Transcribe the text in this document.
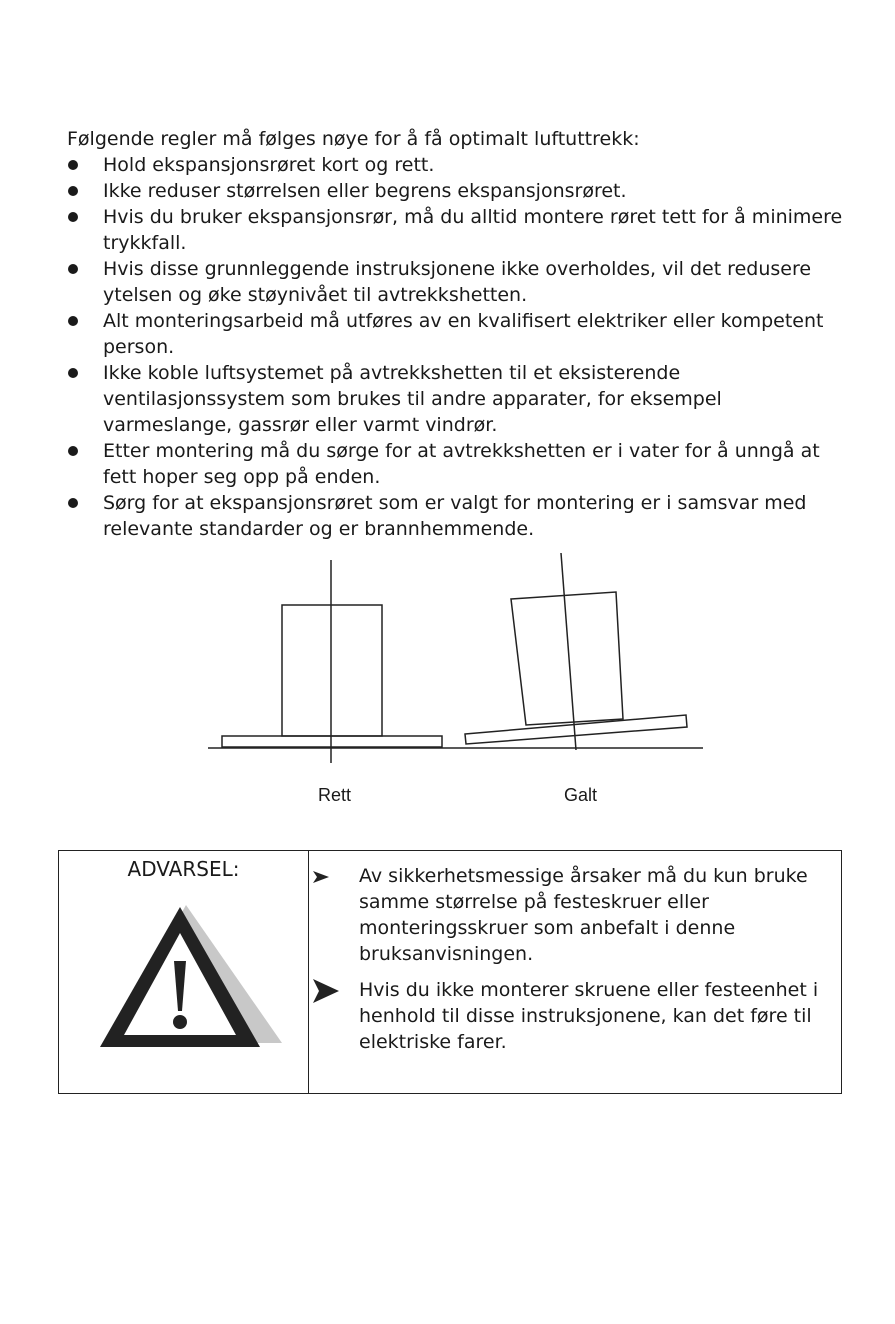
Følgende regler må følges nøye for å få optimalt luftuttrekk:

Hold ekspansjonsrøret kort og rett.
Ikke reduser størrelsen eller begrens ekspansjonsrøret.
Hvis du bruker ekspansjonsrør, må du alltid montere røret tett for å minimere trykkfall.
Hvis disse grunnleggende instruksjonene ikke overholdes, vil det redusere ytelsen og øke støynivået til avtrekkshetten.
Alt monteringsarbeid må utføres av en kvalifisert elektriker eller kompetent person.
Ikke koble luftsystemet på avtrekkshetten til et eksisterende ventilasjonssystem som brukes til andre apparater, for eksempel varmeslange, gassrør eller varmt vindrør.
Etter montering må du sørge for at avtrekkshetten er i vater for å unngå at fett hoper seg opp på enden.
Sørg for at ekspansjonsrøret som er valgt for montering er i samsvar med relevante standarder og er brannhemmende.
Rett	Galt
ADVARSEL:	Av sikkerhetsmessige årsaker må du kun bruke samme størrelse på festeskruer eller monteringsskruer som anbefalt i denne bruksanvisningen.
Hvis du ikke monterer skruene eller festeenhet i henhold til disse instruksjonene, kan det føre til elektriske farer.
